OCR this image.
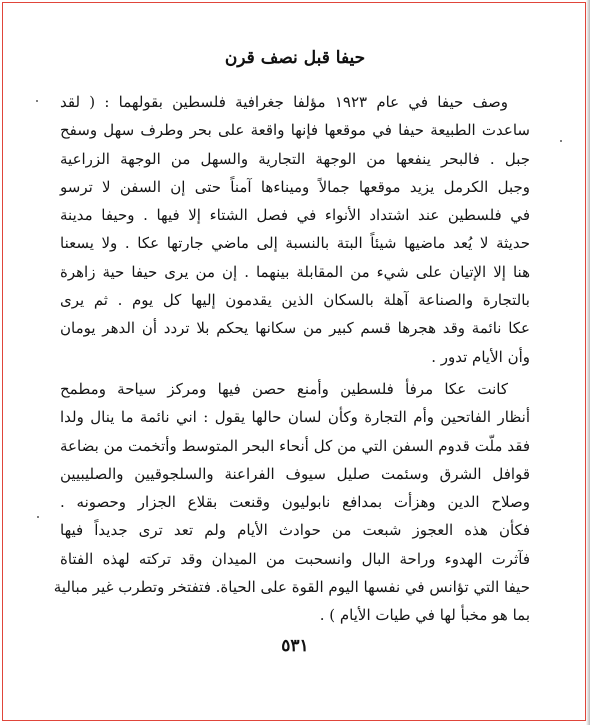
حيفا قبل نصف قرن
وصف حيفا في عام ١٩٢٣ مؤلفا جغرافية فلسطين بقولهما : ( لقد
ساعدت الطبيعة حيفا في موقعها فإنها واقعة على بحر وطرف سهل وسفح
جبل . فالبحر ينفعها من الوجهة التجارية والسهل من الوجهة الزراعية
وجبل الكرمل يزيد موقعها جمالاً وميناءها آمناً حتى إن السفن لا ترسو
في فلسطين عند اشتداد الأنواء في فصل الشتاء إلا فيها . وحيفا مدينة
حديثة لا يُعد ماضيها شيئاً البتة بالنسبة إلى ماضي جارتها عكا . ولا يسعنا
هنا إلا الإتيان على شيء من المقابلة بينهما . إن من يرى حيفا حية زاهرة
بالتجارة والصناعة آهلة بالسكان الذين يقدمون إليها كل يوم . ثم يرى
عكا نائمة وقد هجرها قسم كبير من سكانها يحكم بلا تردد أن الدهر يومان
وأن الأيام تدور .
كانت عكا مرفأ فلسطين وأمنع حصن فيها ومركز سياحة ومطمح
أنظار الفاتحين وأم التجارة وكأن لسان حالها يقول : اني نائمة ما ينال ولدا
فقد ملّت قدوم السفن التي من كل أنحاء البحر المتوسط وأتخمت من بضاعة
قوافل الشرق وسئمت صليل سيوف الفراعنة والسلجوقيين والصليبيين
وصلاح الدين وهزأت بمدافع نابوليون وقنعت بقلاع الجزار وحصونه .
فكأن هذه العجوز شبعت من حوادث الأيام ولم تعد ترى جديداً فيها
فآثرت الهدوء وراحة البال وانسحبت من الميدان وقد تركته لهذه الفتاة
حيفا التي تؤانس في نفسها اليوم القوة على الحياة. فتفتخر وتطرب غير مبالية
بما هو مخبأ لها في طيات الأيام ) .
٥٣١
